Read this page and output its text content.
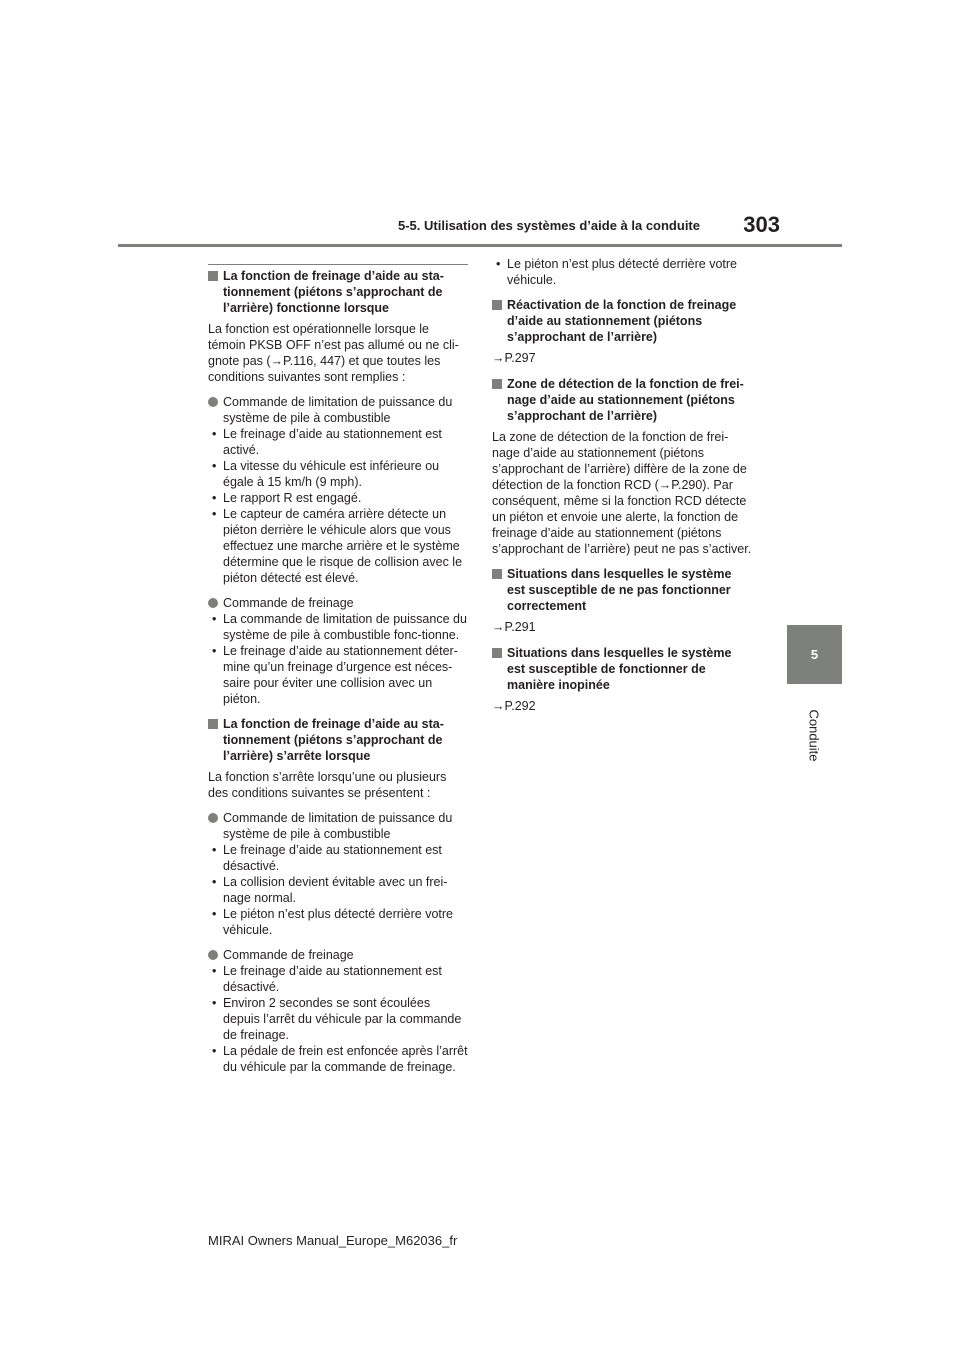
5-5. Utilisation des systèmes d’aide à la conduite	303
5
Conduite
La fonction de freinage d’aide au sta-tionnement (piétons s’approchant de l’arrière) fonctionne lorsque
La fonction est opérationnelle lorsque le témoin PKSB OFF n’est pas allumé ou ne cli-gnote pas (→P.116, 447) et que toutes les conditions suivantes sont remplies :
Commande de limitation de puissance du système de pile à combustible
• Le freinage d’aide au stationnement est activé.
• La vitesse du véhicule est inférieure ou égale à 15 km/h (9 mph).
• Le rapport R est engagé.
• Le capteur de caméra arrière détecte un piéton derrière le véhicule alors que vous effectuez une marche arrière et le système détermine que le risque de collision avec le piéton détecté est élevé.
Commande de freinage
• La commande de limitation de puissance du système de pile à combustible fonc-tionne.
• Le freinage d’aide au stationnement déter-mine qu’un freinage d’urgence est néces-saire pour éviter une collision avec un piéton.
La fonction de freinage d’aide au sta-tionnement (piétons s’approchant de l’arrière) s’arrête lorsque
La fonction s’arrête lorsqu’une ou plusieurs des conditions suivantes se présentent :
Commande de limitation de puissance du système de pile à combustible
• Le freinage d’aide au stationnement est désactivé.
• La collision devient évitable avec un frei-nage normal.
• Le piéton n’est plus détecté derrière votre véhicule.
Commande de freinage
• Le freinage d’aide au stationnement est désactivé.
• Environ 2 secondes se sont écoulées depuis l’arrêt du véhicule par la commande de freinage.
• La pédale de frein est enfoncée après l’arrêt du véhicule par la commande de freinage.
• Le piéton n’est plus détecté derrière votre véhicule.
Réactivation de la fonction de freinage d’aide au stationnement (piétons s’approchant de l’arrière)
→P.297
Zone de détection de la fonction de frei-nage d’aide au stationnement (piétons s’approchant de l’arrière)
La zone de détection de la fonction de frei-nage d’aide au stationnement (piétons s’approchant de l’arrière) diffère de la zone de détection de la fonction RCD (→P.290). Par conséquent, même si la fonction RCD détecte un piéton et envoie une alerte, la fonction de freinage d’aide au stationnement (piétons s’approchant de l’arrière) peut ne pas s’activer.
Situations dans lesquelles le système est susceptible de ne pas fonctionner correctement
→P.291
Situations dans lesquelles le système est susceptible de fonctionner de manière inopinée
→P.292
MIRAI Owners Manual_Europe_M62036_fr
